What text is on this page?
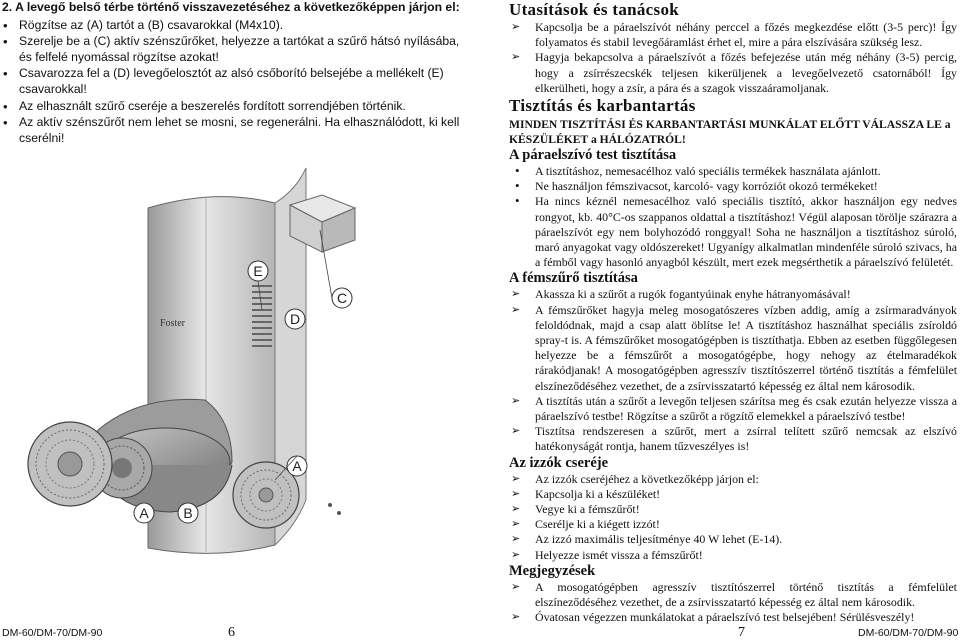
2. A levegő belső térbe történő visszavezetéséhez a következőképpen járjon el:
• Rögzítse az (A) tartót a (B) csavarokkal (M4x10).
• Szerelje be a (C) aktív szénszűrőket, helyezze a tartókat a szűrő hátsó nyílásába, és felfelé nyomással rögzítse azokat!
• Csavarozza fel a (D) levegőelosztót az alsó csőborító belsejébe a mellékelt (E) csavarokkal!
• Az elhasznált szűrő cseréje a beszerelés fordított sorrendjében történik.
• Az aktív szénszűrőt nem lehet se mosni, se regenerálni. Ha elhasználódott, ki kell cserélni!
Foster
E
C
D
A
A B
Utasítások és tanácsok
➢ Kapcsolja be a páraelszívót néhány perccel a főzés megkezdése előtt (3-5 perc)! Így folyamatos és stabil levegőáramlást érhet el, mire a pára elszívására szükség lesz.
➢ Hagyja bekapcsolva a páraelszívót a főzés befejezése után még néhány (3-5) percig, hogy a zsírrészecskék teljesen kikerüljenek a levegőelvezető csatornából! Így elkerülheti, hogy a zsír, a pára és a szagok visszaáramoljanak.
Tisztítás és karbantartás
MINDEN TISZTÍTÁSI ÉS KARBANTARTÁSI MUNKÁLAT ELŐTT VÁLASSZA LE a KÉSZÜLÉKET a HÁLÓZATRÓL!
A páraelszívó test tisztítása
• A tisztításhoz, nemesacélhoz való speciális termékek használata ajánlott.
• Ne használjon fémszivacsot, karcoló- vagy korróziót okozó termékeket!
• Ha nincs kéznél nemesacélhoz való speciális tisztító, akkor használjon egy nedves rongyot, kb. 40°C-os szappanos oldattal a tisztításhoz! Végül alaposan törölje szárazra a páraelszívót egy nem bolyhozódó ronggyal! Soha ne használjon a tisztításhoz súroló, maró anyagokat vagy oldószereket! Ugyanígy alkalmatlan mindenféle súroló szivacs, ha a fémből vagy hasonló anyagból készült, mert ezek megsérthetik a páraelszívó felületét.
A fémszűrő tisztítása
➢ Akassza ki a szűrőt a rugók fogantyúinak enyhe hátranyomásával!
➢ A fémszűrőket hagyja meleg mosogatószeres vízben addig, amíg a zsírmaradványok feloldódnak, majd a csap alatt öblítse le! A tisztításhoz használhat speciális zsíroldó spray-t is. A fémszűrőket mosogatógépben is tisztíthatja. Ebben az esetben függőlegesen helyezze be a fémszűrőt a mosogatógépbe, hogy nehogy az ételmaradékok rárakódjanak! A mosogatógépben agresszív tisztítószerrel történő tisztítás a fémfelület elszíneződéséhez vezethet, de a zsírvisszatartó képesség ez által nem károsodik.
➢ A tisztítás után a szűrőt a levegőn teljesen szárítsa meg és csak ezután helyezze vissza a páraelszívó testbe! Rögzítse a szűrőt a rögzítő elemekkel a páraelszívó testbe!
➢ Tisztítsa rendszeresen a szűrőt, mert a zsírral telített szűrő nemcsak az elszívó hatékonyságát rontja, hanem tűzveszélyes is!
Az izzók cseréje
➢ Az izzók cseréjéhez a következőképp járjon el:
➢ Kapcsolja ki a készüléket!
➢ Vegye ki a fémszűrőt!
➢ Cserélje ki a kiégett izzót!
➢ Az izzó maximális teljesítménye 40 W lehet (E-14).
➢ Helyezze ismét vissza a fémszűrőt!
Megjegyzések
➢ A mosogatógépben agresszív tisztítószerrel történő tisztítás a fémfelület elszíneződéséhez vezethet, de a zsírvisszatartó képesség ez által nem károsodik.
➢ Óvatosan végezzen munkálatokat a páraelszívó test belsejében! Sérülésveszély!
DM-60/DM-70/DM-90	6	7	DM-60/DM-70/DM-90
